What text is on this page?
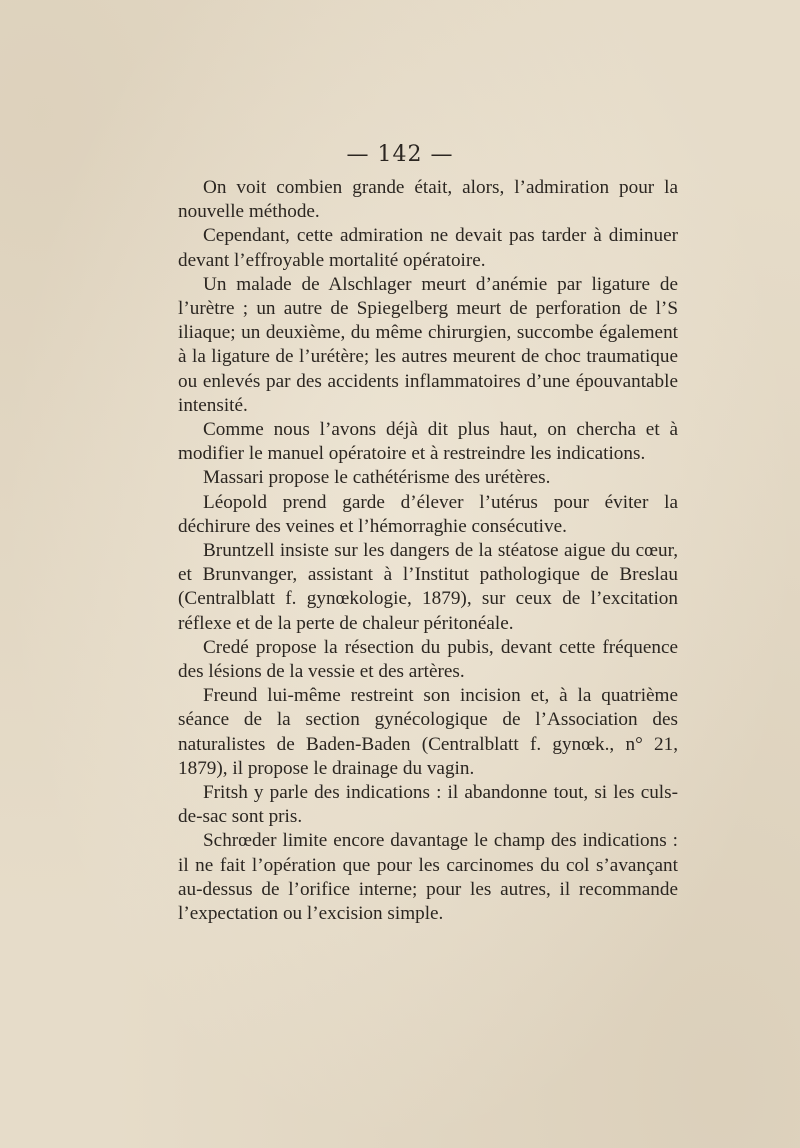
— 142 —

On voit combien grande était, alors, l’admiration pour la nouvelle méthode.

Cependant, cette admiration ne devait pas tarder à diminuer devant l’effroyable mortalité opératoire.

Un malade de Alschlager meurt d’anémie par ligature de l’urètre ; un autre de Spiegelberg meurt de perforation de l’S iliaque; un deuxième, du même chirurgien, succombe également à la ligature de l’urétère; les autres meurent de choc traumatique ou enlevés par des accidents inflammatoires d’une épouvantable intensité.

Comme nous l’avons déjà dit plus haut, on chercha et à modifier le manuel opératoire et à restreindre les indications.

Massari propose le cathétérisme des urétères.

Léopold prend garde d’élever l’utérus pour éviter la déchirure des veines et l’hémorraghie consécutive.

Bruntzell insiste sur les dangers de la stéatose aigue du cœur, et Brunvanger, assistant à l’Institut pathologique de Breslau (Centralblatt f. gynœkologie, 1879), sur ceux de l’excitation réflexe et de la perte de chaleur péritonéale.

Credé propose la résection du pubis, devant cette fréquence des lésions de la vessie et des artères.

Freund lui-même restreint son incision et, à la quatrième séance de la section gynécologique de l’Association des naturalistes de Baden-Baden (Centralblatt f. gynœk., n° 21, 1879), il propose le drainage du vagin.

Fritsh y parle des indications : il abandonne tout, si les culs-de-sac sont pris.

Schrœder limite encore davantage le champ des indications : il ne fait l’opération que pour les carcinomes du col s’avançant au-dessus de l’orifice interne; pour les autres, il recommande l’expectation ou l’excision simple.
